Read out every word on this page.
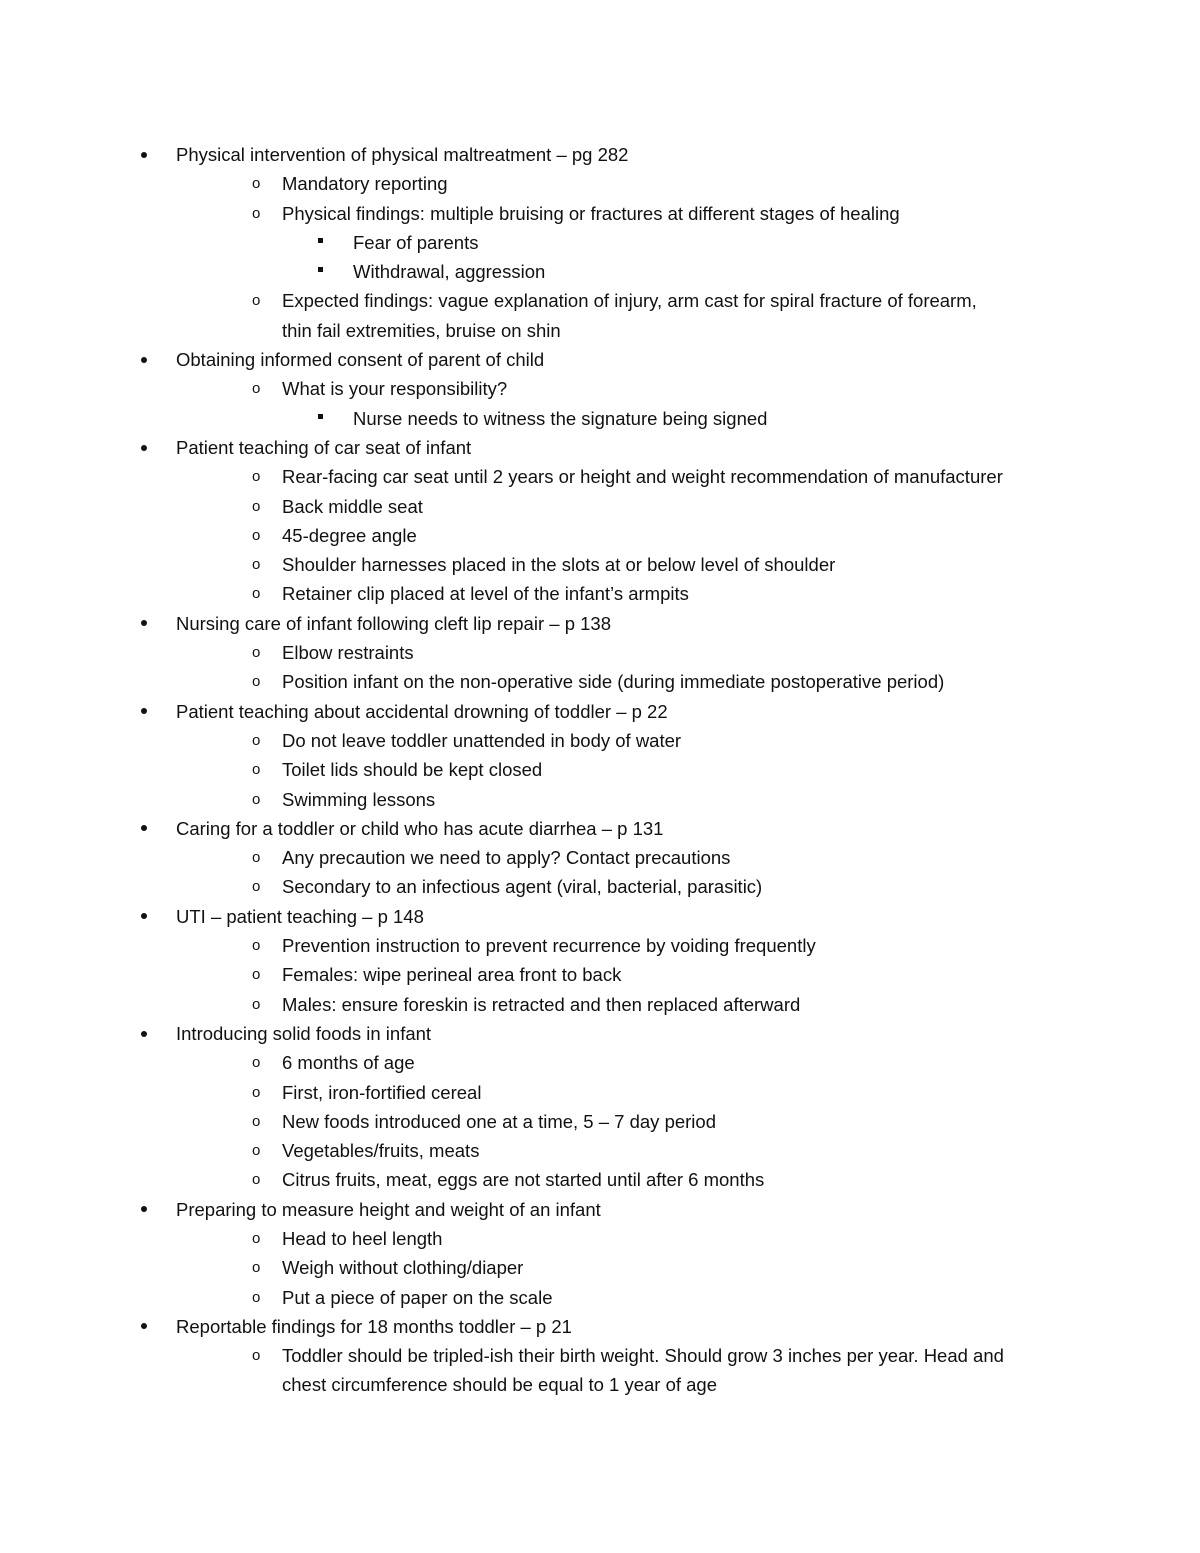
Physical intervention of physical maltreatment – pg 282
o Mandatory reporting
o Physical findings: multiple bruising or fractures at different stages of healing
Fear of parents
Withdrawal, aggression
o Expected findings: vague explanation of injury, arm cast for spiral fracture of forearm,
thin fail extremities, bruise on shin
Obtaining informed consent of parent of child
o What is your responsibility?
Nurse needs to witness the signature being signed
Patient teaching of car seat of infant
o Rear-facing car seat until 2 years or height and weight recommendation of manufacturer
o Back middle seat
o 45-degree angle
o Shoulder harnesses placed in the slots at or below level of shoulder
o Retainer clip placed at level of the infant’s armpits
Nursing care of infant following cleft lip repair – p 138
o Elbow restraints
o Position infant on the non-operative side (during immediate postoperative period)
Patient teaching about accidental drowning of toddler – p 22
o Do not leave toddler unattended in body of water
o Toilet lids should be kept closed
o Swimming lessons
Caring for a toddler or child who has acute diarrhea – p 131
o Any precaution we need to apply? Contact precautions
o Secondary to an infectious agent (viral, bacterial, parasitic)
UTI – patient teaching – p 148
o Prevention instruction to prevent recurrence by voiding frequently
o Females: wipe perineal area front to back
o Males: ensure foreskin is retracted and then replaced afterward
Introducing solid foods in infant
o 6 months of age
o First, iron-fortified cereal
o New foods introduced one at a time, 5 – 7 day period
o Vegetables/fruits, meats
o Citrus fruits, meat, eggs are not started until after 6 months
Preparing to measure height and weight of an infant
o Head to heel length
o Weigh without clothing/diaper
o Put a piece of paper on the scale
Reportable findings for 18 months toddler – p 21
o Toddler should be tripled-ish their birth weight. Should grow 3 inches per year. Head and
chest circumference should be equal to 1 year of age
